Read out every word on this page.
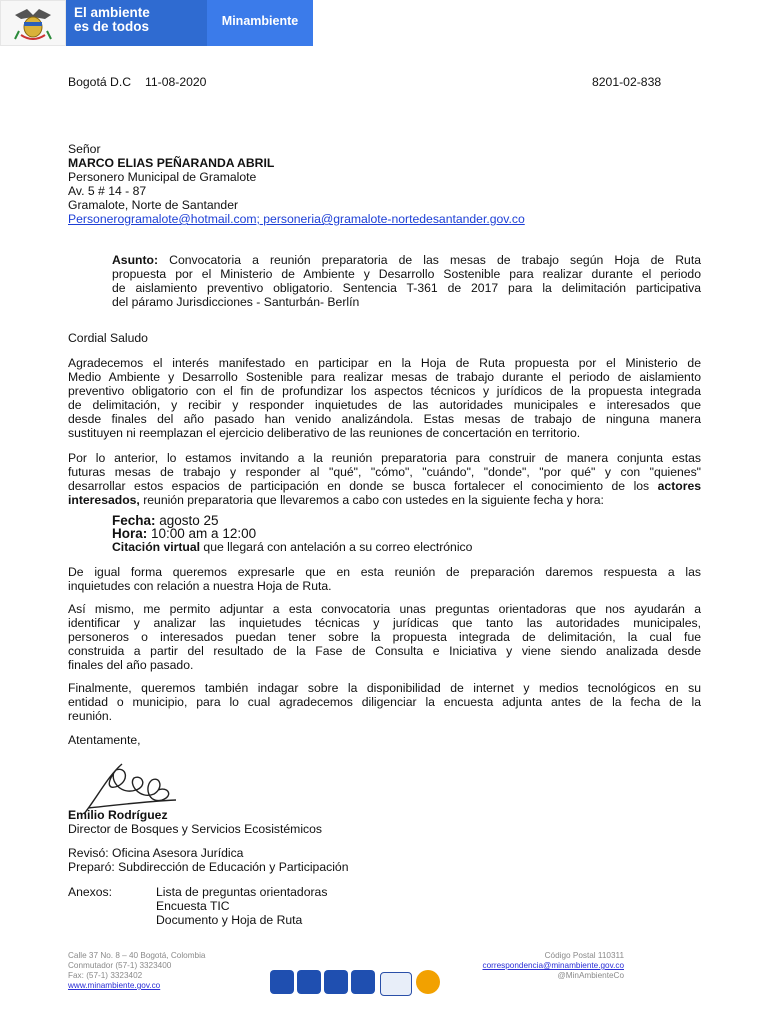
El ambiente
es de todos	Minambiente
Bogotá D.C 11-08-2020	8201-02-838
Señor
MARCO ELIAS PEÑARANDA ABRIL
Personero Municipal de Gramalote
Av. 5 # 14 - 87
Gramalote, Norte de Santander
Personerogramalote@hotmail.com; personeria@gramalote-nortedesantander.gov.co
Asunto: Convocatoria a reunión preparatoria de las mesas de trabajo según Hoja de Ruta
propuesta por el Ministerio de Ambiente y Desarrollo Sostenible para realizar durante el periodo
de aislamiento preventivo obligatorio. Sentencia T-361 de 2017 para la delimitación participativa
del páramo Jurisdicciones - Santurbán- Berlín
Cordial Saludo
Agradecemos el interés manifestado en participar en la Hoja de Ruta propuesta por el Ministerio de
Medio Ambiente y Desarrollo Sostenible para realizar mesas de trabajo durante el periodo de aislamiento
preventivo obligatorio con el fin de profundizar los aspectos técnicos y jurídicos de la propuesta integrada
de delimitación, y recibir y responder inquietudes de las autoridades municipales e interesados que
desde finales del año pasado han venido analizándola. Estas mesas de trabajo de ninguna manera
sustituyen ni reemplazan el ejercicio deliberativo de las reuniones de concertación en territorio.
Por lo anterior, lo estamos invitando a la reunión preparatoria para construir de manera conjunta estas
futuras mesas de trabajo y responder al "qué", "cómo", "cuándo", "donde", "por qué" y con "quienes"
desarrollar estos espacios de participación en donde se busca fortalecer el conocimiento de los actores
interesados, reunión preparatoria que llevaremos a cabo con ustedes en la siguiente fecha y hora:
Fecha: agosto 25
Hora: 10:00 am a 12:00
Citación virtual que llegará con antelación a su correo electrónico
De igual forma queremos expresarle que en esta reunión de preparación daremos respuesta a las
inquietudes con relación a nuestra Hoja de Ruta.
Así mismo, me permito adjuntar a esta convocatoria unas preguntas orientadoras que nos ayudarán a
identificar y analizar las inquietudes técnicas y jurídicas que tanto las autoridades municipales,
personeros o interesados puedan tener sobre la propuesta integrada de delimitación, la cual fue
construida a partir del resultado de la Fase de Consulta e Iniciativa y viene siendo analizada desde
finales del año pasado.
Finalmente, queremos también indagar sobre la disponibilidad de internet y medios tecnológicos en su
entidad o municipio, para lo cual agradecemos diligenciar la encuesta adjunta antes de la fecha de la
reunión.
Atentamente,
Emilio Rodríguez
Director de Bosques y Servicios Ecosistémicos
Revisó: Oficina Asesora Jurídica
Preparó: Subdirección de Educación y Participación
Anexos:	Lista de preguntas orientadoras
Encuesta TIC
Documento y Hoja de Ruta
Calle 37 No. 8 – 40 Bogotá, Colombia
Conmutador (57-1) 3323400
Fax: (57-1) 3323402
www.minambiente.gov.co
Código Postal 110311
correspondencia@minambiente.gov.co
@MinAmbienteCo
